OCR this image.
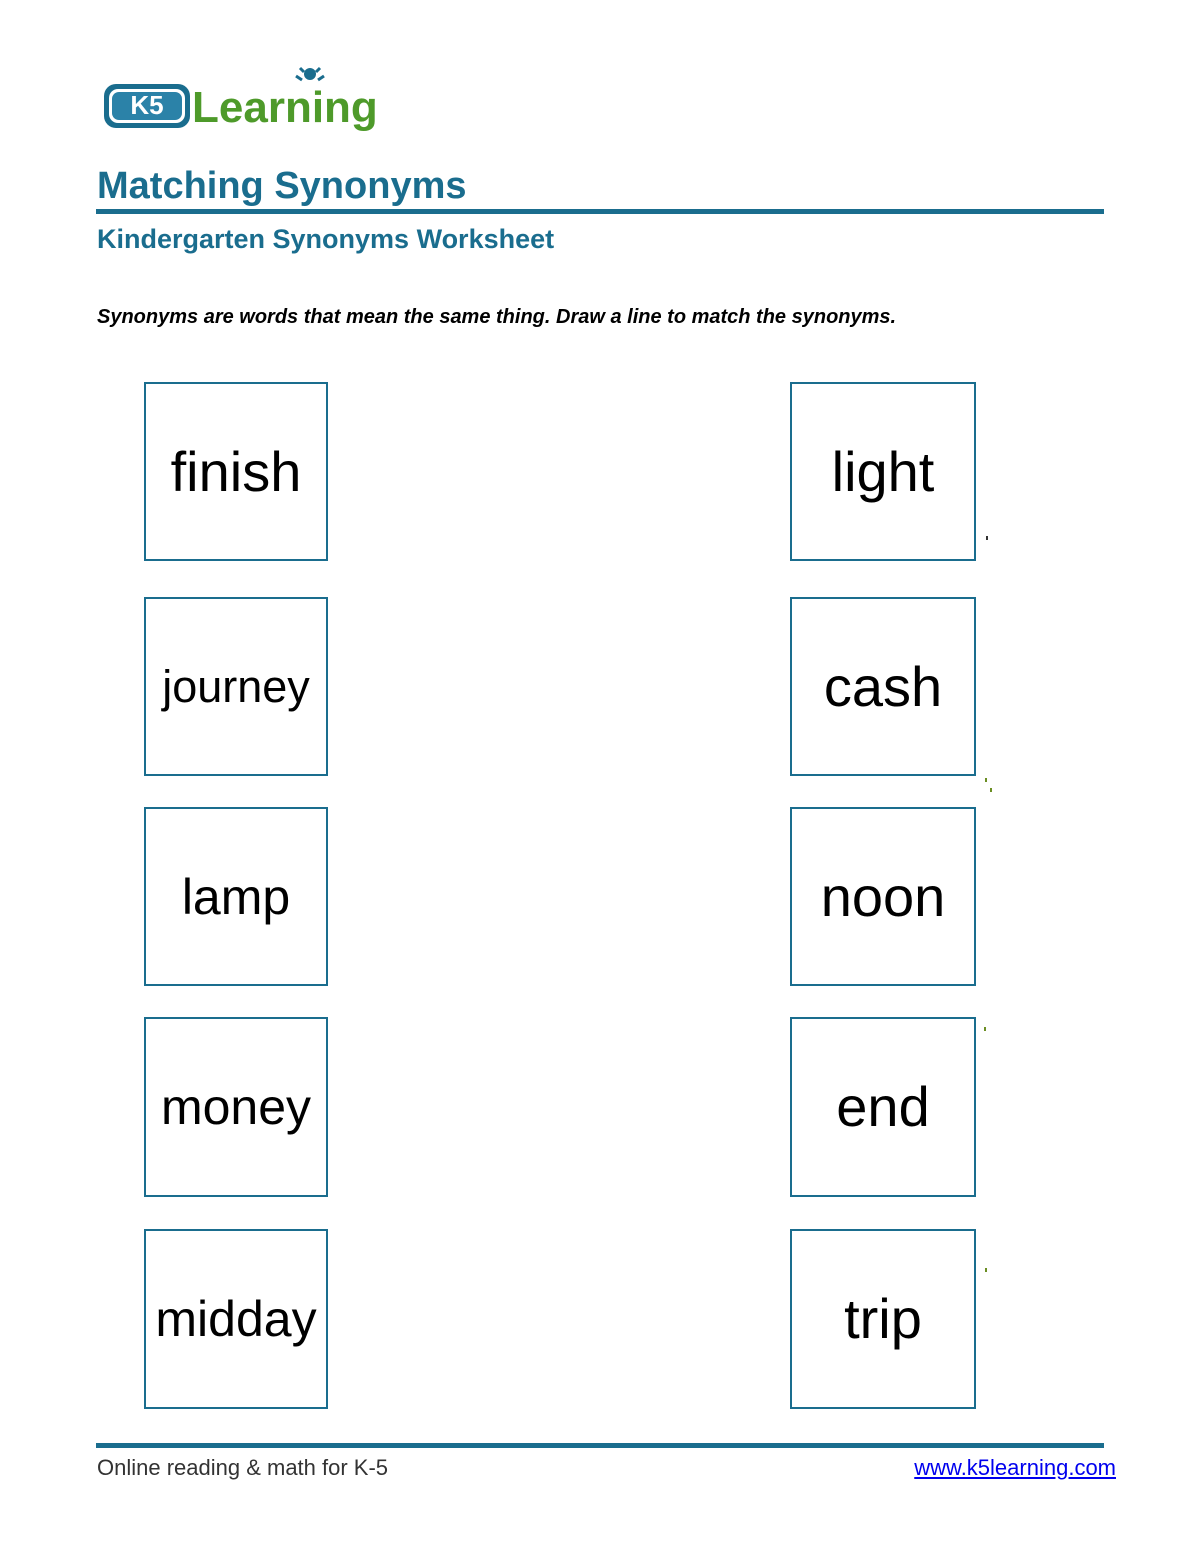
K5 Learning
Matching Synonyms
Kindergarten Synonyms Worksheet

Synonyms are words that mean the same thing. Draw a line to match the synonyms.

finish
journey
lamp
money
midday
light
cash
noon
end
trip
Online reading & math for K-5	www.k5learning.com
